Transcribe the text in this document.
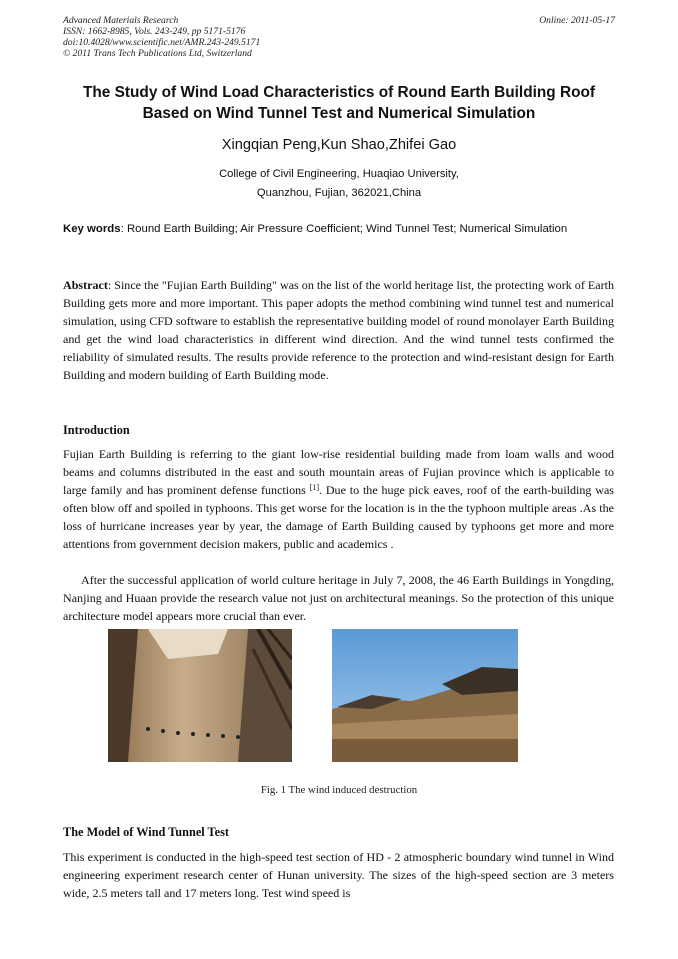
Advanced Materials Research
ISSN: 1662-8985, Vols. 243-249, pp 5171-5176
doi:10.4028/www.scientific.net/AMR.243-249.5171
© 2011 Trans Tech Publications Ltd, Switzerland
Online: 2011-05-17
The Study of Wind Load Characteristics of Round Earth Building Roof
Based on Wind Tunnel Test and Numerical Simulation
Xingqian Peng,Kun Shao,Zhifei Gao
College of Civil Engineering, Huaqiao University,
Quanzhou, Fujian, 362021,China
Key words: Round Earth Building; Air Pressure Coefficient; Wind Tunnel Test; Numerical Simulation
Abstract: Since the "Fujian Earth Building" was on the list of the world heritage list, the protecting work of Earth Building gets more and more important. This paper adopts the method combining wind tunnel test and numerical simulation, using CFD software to establish the representative building model of round monolayer Earth Building and get the wind load characteristics in different wind direction. And the wind tunnel tests confirmed the reliability of simulated results. The results provide reference to the protection and wind-resistant design for Earth Building and modern building of Earth Building mode.
Introduction
Fujian Earth Building is referring to the giant low-rise residential building made from loam walls and wood beams and columns distributed in the east and south mountain areas of Fujian province which is applicable to large family and has prominent defense functions [1]. Due to the huge pick eaves, roof of the earth-building was often blow off and spoiled in typhoons. This get worse for the location is in the the typhoon multiple areas .As the loss of hurricane increases year by year, the damage of Earth Building caused by typhoons get more and more attentions from government decision makers, public and academics .
After the successful application of world culture heritage in July 7, 2008, the 46 Earth Buildings in Yongding, Nanjing and Huaan provide the research value not just on architectural meanings. So the protection of this unique architecture model appears more crucial than ever.
Fig. 1 The wind induced destruction
The Model of Wind Tunnel Test
This experiment is conducted in the high-speed test section of HD - 2 atmospheric boundary wind tunnel in Wind engineering experiment research center of Hunan university. The sizes of the high-speed section are 3 meters wide, 2.5 meters tall and 17 meters long. Test wind speed is
